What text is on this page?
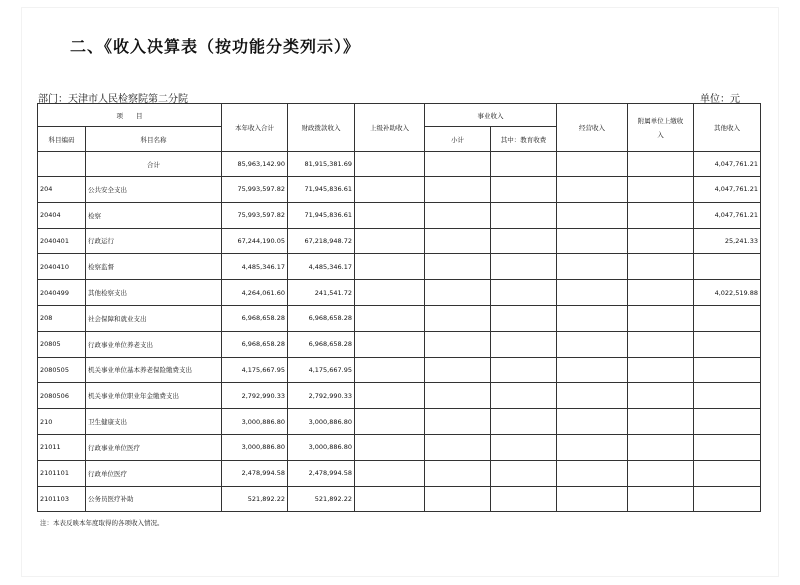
二、《收入决算表（按功能分类列示）》
部门：天津市人民检察院第二分院	单位：元
项　　目		本年收入合计	财政拨款收入	上级补助收入	事业收入		经营收入	附属单位上缴收入	其他收入
科目编码	科目名称				小计	其中：教育收费			
	合计	85,963,142.90	81,915,381.69						4,047,761.21
204	公共安全支出	75,993,597.82	71,945,836.61						4,047,761.21
20404	检察	75,993,597.82	71,945,836.61						4,047,761.21
2040401	行政运行	67,244,190.05	67,218,948.72						25,241.33
2040410	检察监督	4,485,346.17	4,485,346.17						
2040499	其他检察支出	4,264,061.60	241,541.72						4,022,519.88
208	社会保障和就业支出	6,968,658.28	6,968,658.28						
20805	行政事业单位养老支出	6,968,658.28	6,968,658.28						
2080505	机关事业单位基本养老保险缴费支出	4,175,667.95	4,175,667.95						
2080506	机关事业单位职业年金缴费支出	2,792,990.33	2,792,990.33						
210	卫生健康支出	3,000,886.80	3,000,886.80						
21011	行政事业单位医疗	3,000,886.80	3,000,886.80						
2101101	行政单位医疗	2,478,994.58	2,478,994.58						
2101103	公务员医疗补助	521,892.22	521,892.22						
注：本表反映本年度取得的各项收入情况。
